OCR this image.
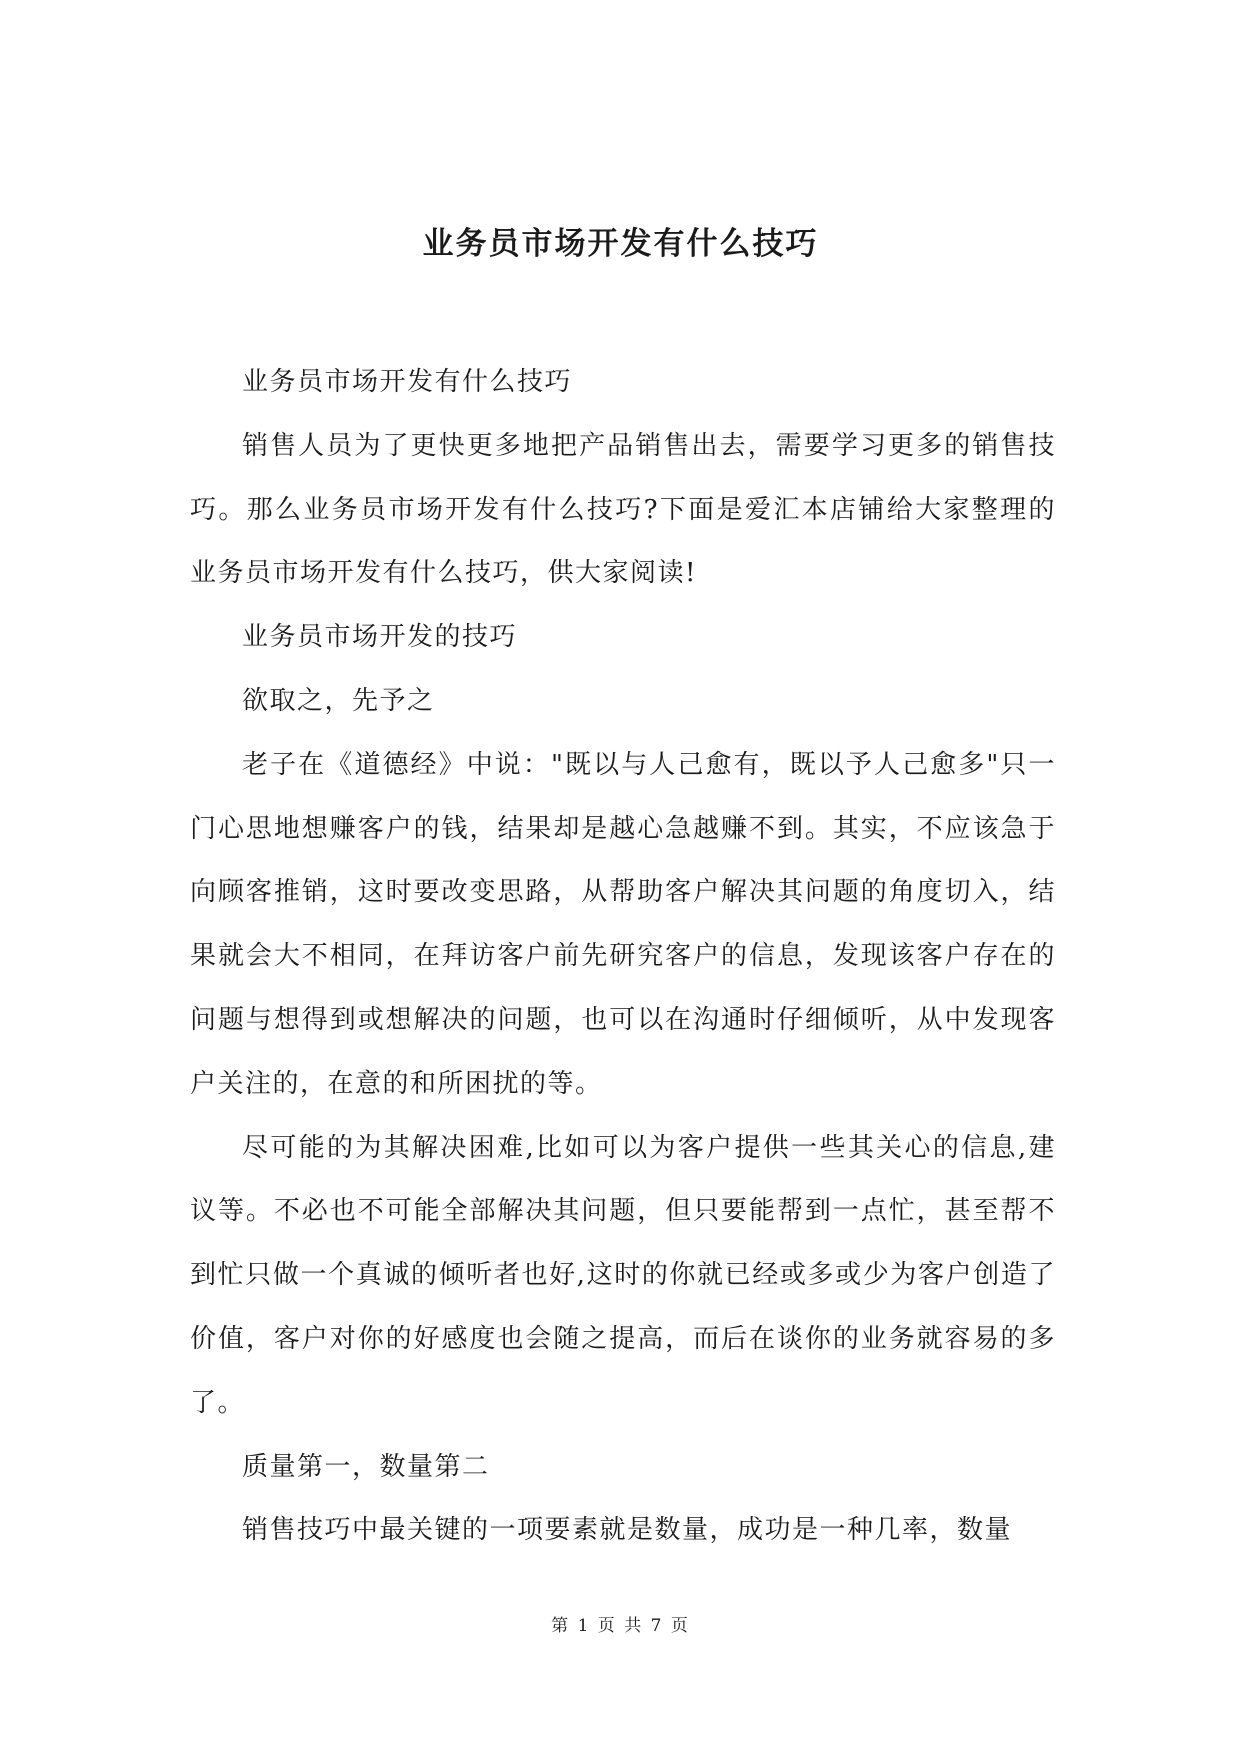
业务员市场开发有什么技巧

业务员市场开发有什么技巧

销售人员为了更快更多地把产品销售出去，需要学习更多的销售技巧。那么业务员市场开发有什么技巧?下面是爱汇本店铺给大家整理的业务员市场开发有什么技巧，供大家阅读!

业务员市场开发的技巧

欲取之，先予之

老子在《道德经》中说："既以与人己愈有，既以予人己愈多"只一门心思地想赚客户的钱，结果却是越心急越赚不到。其实，不应该急于向顾客推销，这时要改变思路，从帮助客户解决其问题的角度切入，结果就会大不相同，在拜访客户前先研究客户的信息，发现该客户存在的问题与想得到或想解决的问题，也可以在沟通时仔细倾听，从中发现客户关注的，在意的和所困扰的等。

尽可能的为其解决困难,比如可以为客户提供一些其关心的信息,建议等。不必也不可能全部解决其问题，但只要能帮到一点忙，甚至帮不到忙只做一个真诚的倾听者也好,这时的你就已经或多或少为客户创造了价值，客户对你的好感度也会随之提高，而后在谈你的业务就容易的多了。

质量第一，数量第二

销售技巧中最关键的一项要素就是数量，成功是一种几率，数量

第 1 页 共 7 页
